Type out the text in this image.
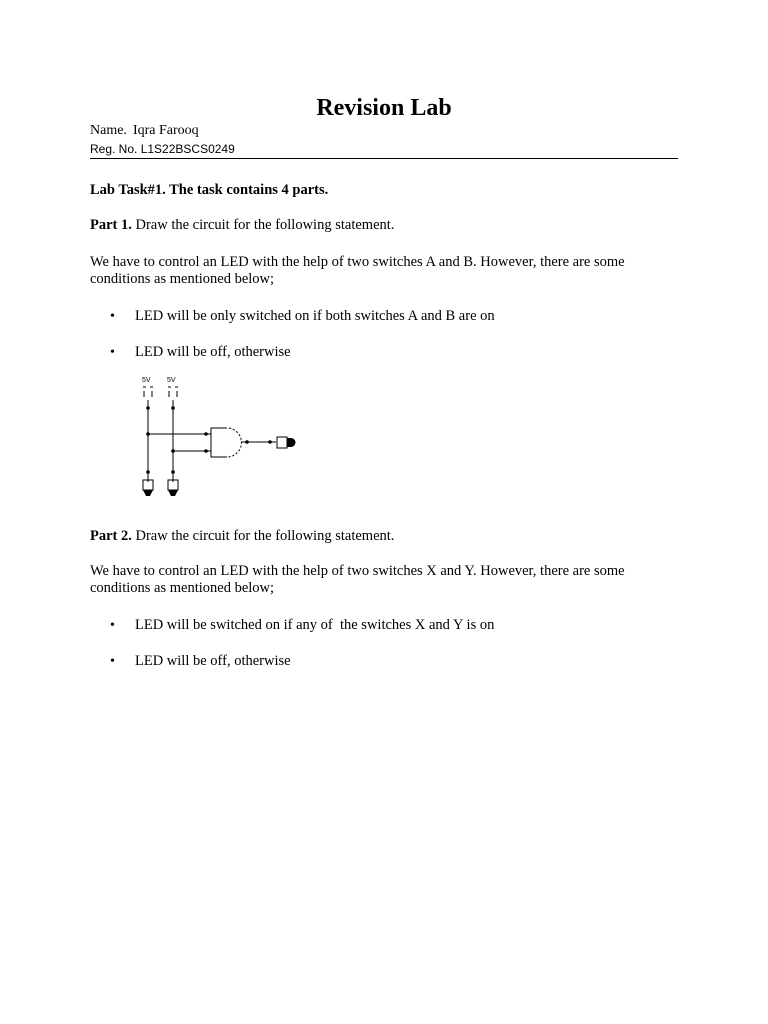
Revision Lab
Name. Iqra Farooq
Reg. No. L1S22BSCS0249
Lab Task#1. The task contains 4 parts.
Part 1. Draw the circuit for the following statement.
We have to control an LED with the help of two switches A and B. However, there are some conditions as mentioned below;
• LED will be only switched on if both switches A and B are on
• LED will be off, otherwise
5V 5V
Part 2. Draw the circuit for the following statement.
We have to control an LED with the help of two switches X and Y. However, there are some conditions as mentioned below;
• LED will be switched on if any of  the switches X and Y is on
• LED will be off, otherwise
